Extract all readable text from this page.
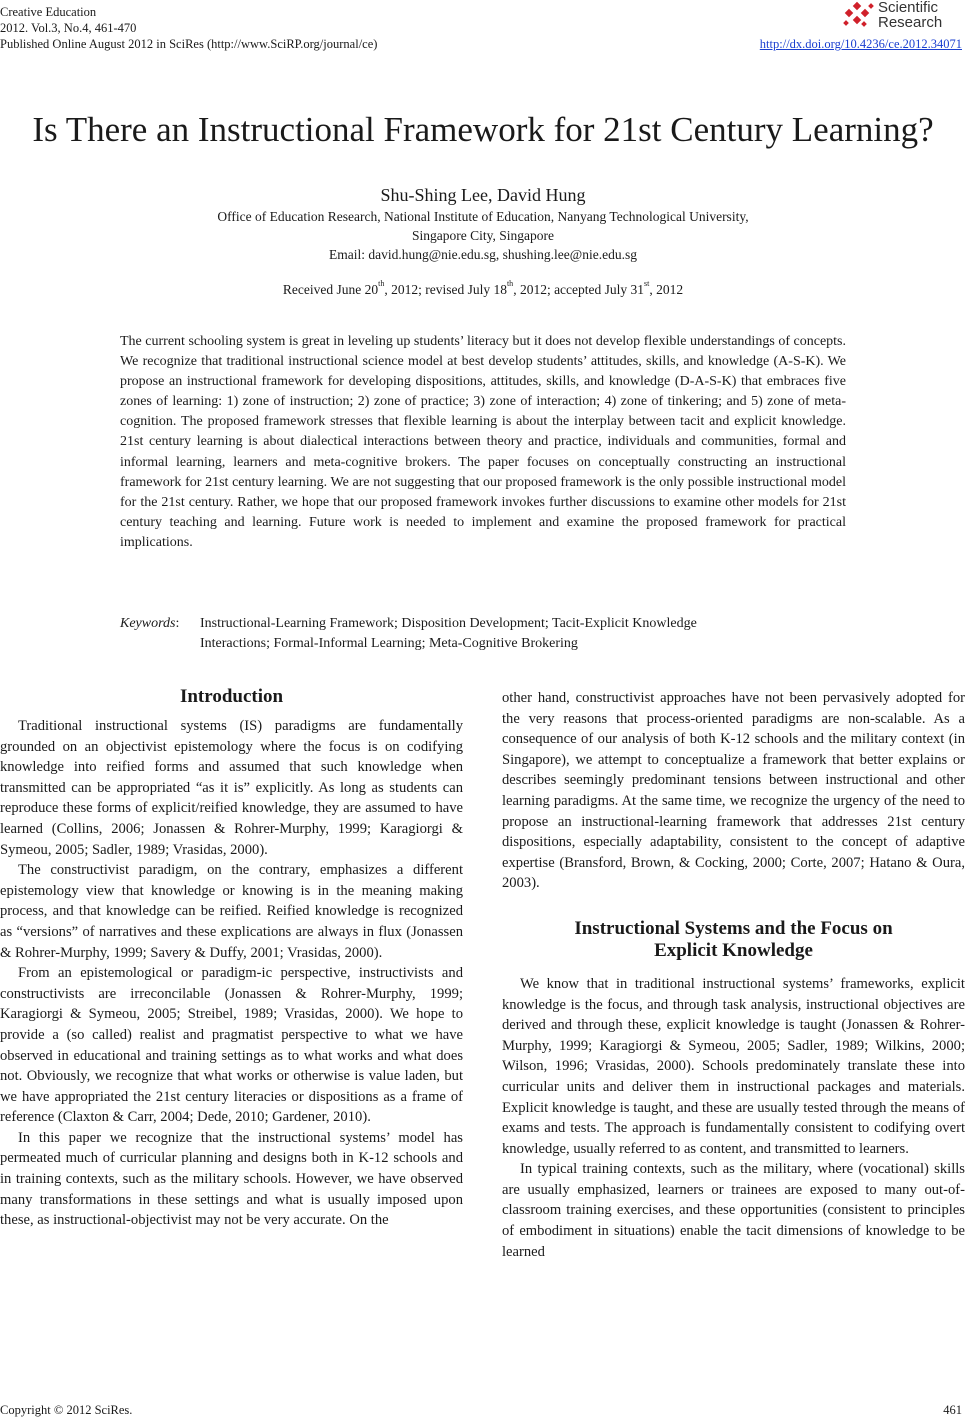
Creative Education
2012. Vol.3, No.4, 461-470
Published Online August 2012 in SciRes (http://www.SciRP.org/journal/ce)	http://dx.doi.org/10.4236/ce.2012.34071
Scientific
Research
Is There an Instructional Framework for 21st Century Learning?
Shu-Shing Lee, David Hung
Office of Education Research, National Institute of Education, Nanyang Technological University,
Singapore City, Singapore
Email: david.hung@nie.edu.sg, shushing.lee@nie.edu.sg
Received June 20th, 2012; revised July 18th, 2012; accepted July 31st, 2012
The current schooling system is great in leveling up students’ literacy but it does not develop flexible understandings of concepts. We recognize that traditional instructional science model at best develop students’ attitudes, skills, and knowledge (A-S-K). We propose an instructional framework for developing dispositions, attitudes, skills, and knowledge (D-A-S-K) that embraces five zones of learning: 1) zone of instruction; 2) zone of practice; 3) zone of interaction; 4) zone of tinkering; and 5) zone of meta-cognition. The proposed framework stresses that flexible learning is about the interplay between tacit and explicit knowledge. 21st century learning is about dialectical interactions between theory and practice, individuals and communities, formal and informal learning, learners and meta-cognitive brokers. The paper focuses on conceptually constructing an instructional framework for 21st century learning. We are not suggesting that our proposed framework is the only possible instructional model for the 21st century. Rather, we hope that our proposed framework invokes further discussions to examine other models for 21st century teaching and learning. Future work is needed to implement and examine the proposed framework for practical implications.
Keywords:	Instructional-Learning Framework; Disposition Development; Tacit-Explicit Knowledge
Interactions; Formal-Informal Learning; Meta-Cognitive Brokering
Introduction

Traditional instructional systems (IS) paradigms are fundamentally grounded on an objectivist epistemology where the focus is on codifying knowledge into reified forms and assumed that such knowledge when transmitted can be appropriated “as it is” explicitly. As long as students can reproduce these forms of explicit/reified knowledge, they are assumed to have learned (Collins, 2006; Jonassen & Rohrer-Murphy, 1999; Karagiorgi & Symeou, 2005; Sadler, 1989; Vrasidas, 2000).

The constructivist paradigm, on the contrary, emphasizes a different epistemology view that knowledge or knowing is in the meaning making process, and that knowledge can be reified. Reified knowledge is recognized as “versions” of narratives and these explications are always in flux (Jonassen & Rohrer-Murphy, 1999; Savery & Duffy, 2001; Vrasidas, 2000).

From an epistemological or paradigm-ic perspective, instructivists and constructivists are irreconcilable (Jonassen & Rohrer-Murphy, 1999; Karagiorgi & Symeou, 2005; Streibel, 1989; Vrasidas, 2000). We hope to provide a (so called) realist and pragmatist perspective to what we have observed in educational and training settings as to what works and what does not. Obviously, we recognize that what works or otherwise is value laden, but we have appropriated the 21st century literacies or dispositions as a frame of reference (Claxton & Carr, 2004; Dede, 2010; Gardener, 2010).

In this paper we recognize that the instructional systems’ model has permeated much of curricular planning and designs both in K-12 schools and in training contexts, such as the military schools. However, we have observed many transformations in these settings and what is usually imposed upon these, as instructional-objectivist may not be very accurate. On the

other hand, constructivist approaches have not been pervasively adopted for the very reasons that process-oriented paradigms are non-scalable. As a consequence of our analysis of both K-12 schools and the military context (in Singapore), we attempt to conceptualize a framework that better explains or describes seemingly predominant tensions between instructional and other learning paradigms. At the same time, we recognize the urgency of the need to propose an instructional-learning framework that addresses 21st century dispositions, especially adaptability, consistent to the concept of adaptive expertise (Bransford, Brown, & Cocking, 2000; Corte, 2007; Hatano & Oura, 2003).

Instructional Systems and the Focus on
Explicit Knowledge

We know that in traditional instructional systems’ frameworks, explicit knowledge is the focus, and through task analysis, instructional objectives are derived and through these, explicit knowledge is taught (Jonassen & Rohrer-Murphy, 1999; Karagiorgi & Symeou, 2005; Sadler, 1989; Wilkins, 2000; Wilson, 1996; Vrasidas, 2000). Schools predominately translate these into curricular units and deliver them in instructional packages and materials. Explicit knowledge is taught, and these are usually tested through the means of exams and tests. The approach is fundamentally consistent to codifying overt knowledge, usually referred to as content, and transmitted to learners.

In typical training contexts, such as the military, where (vocational) skills are usually emphasized, learners or trainees are exposed to many out-of-classroom training exercises, and these opportunities (consistent to principles of embodiment in situations) enable the tacit dimensions of knowledge to be learned

Copyright © 2012 SciRes.	461
